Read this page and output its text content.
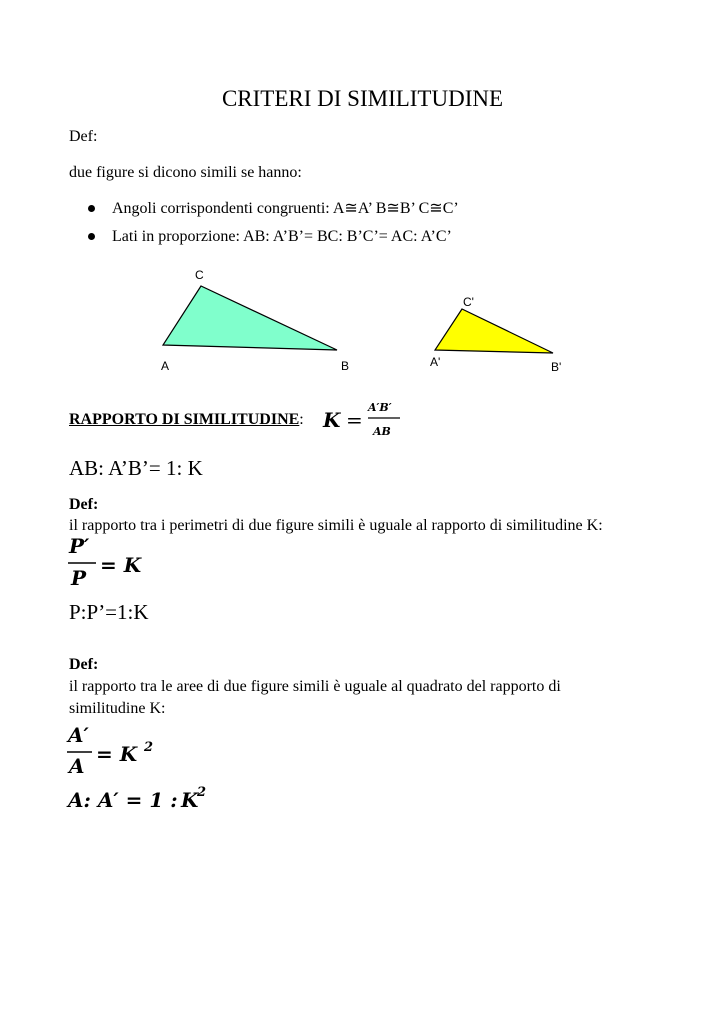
CRITERI DI SIMILITUDINE
Def:
due figure si dicono simili se hanno:
Angoli corrispondenti congruenti: A≅A’ B≅B’ C≅C’
Lati in proporzione: AB: A’B’= BC: B’C’= AC: A’C’
C
A	B
C'
A'	B'
RAPPORTO DI SIMILITUDINE: K =
A′B′
AB
P′
P
= K
A′
A = K 2
A: A′ = 1 : K
2
AB: A’B’= 1: K
Def:
il rapporto tra i perimetri di due figure simili è uguale al rapporto di similitudine K:
P:P’=1:K
Def:
il rapporto tra le aree di due figure simili è uguale al quadrato del rapporto di
similitudine K:
